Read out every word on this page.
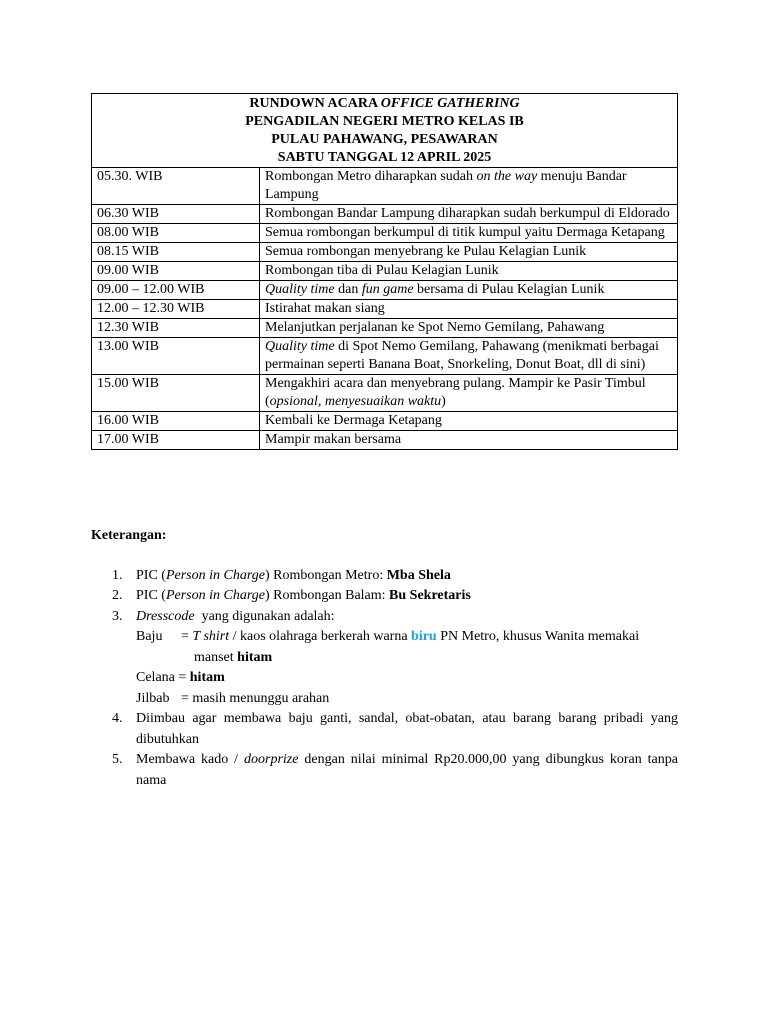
RUNDOWN ACARA OFFICE GATHERING
PENGADILAN NEGERI METRO KELAS IB
PULAU PAHAWANG, PESAWARAN
SABTU TANGGAL 12 APRIL 2025	

05.30. WIB	Rombongan Metro diharapkan sudah on the way menuju Bandar Lampung
06.30 WIB	Rombongan Bandar Lampung diharapkan sudah berkumpul di Eldorado
08.00 WIB	Semua rombongan berkumpul di titik kumpul yaitu Dermaga Ketapang
08.15 WIB	Semua rombongan menyebrang ke Pulau Kelagian Lunik
09.00 WIB	Rombongan tiba di Pulau Kelagian Lunik
09.00 – 12.00 WIB	Quality time dan fun game bersama di Pulau Kelagian Lunik
12.00 – 12.30 WIB	Istirahat makan siang
12.30 WIB	Melanjutkan perjalanan ke Spot Nemo Gemilang, Pahawang
13.00 WIB	Quality time di Spot Nemo Gemilang, Pahawang (menikmati berbagai permainan seperti Banana Boat, Snorkeling, Donut Boat, dll di sini)
15.00 WIB	Mengakhiri acara dan menyebrang pulang. Mampir ke Pasir Timbul (opsional, menyesuaikan waktu)
16.00 WIB	Kembali ke Dermaga Ketapang
17.00 WIB	Mampir makan bersama
Keterangan:
1. PIC (Person in Charge) Rombongan Metro: Mba Shela
2. PIC (Person in Charge) Rombongan Balam: Bu Sekretaris
3. Dresscode  yang digunakan adalah:
Baju = T shirt / kaos olahraga berkerah warna biru PN Metro, khusus Wanita memakai manset hitam
Celana = hitam
Jilbab = masih menunggu arahan
4. Diimbau agar membawa baju ganti, sandal, obat-obatan, atau barang barang pribadi yang dibutuhkan
5. Membawa kado / doorprize dengan nilai minimal Rp20.000,00 yang dibungkus koran tanpa nama
